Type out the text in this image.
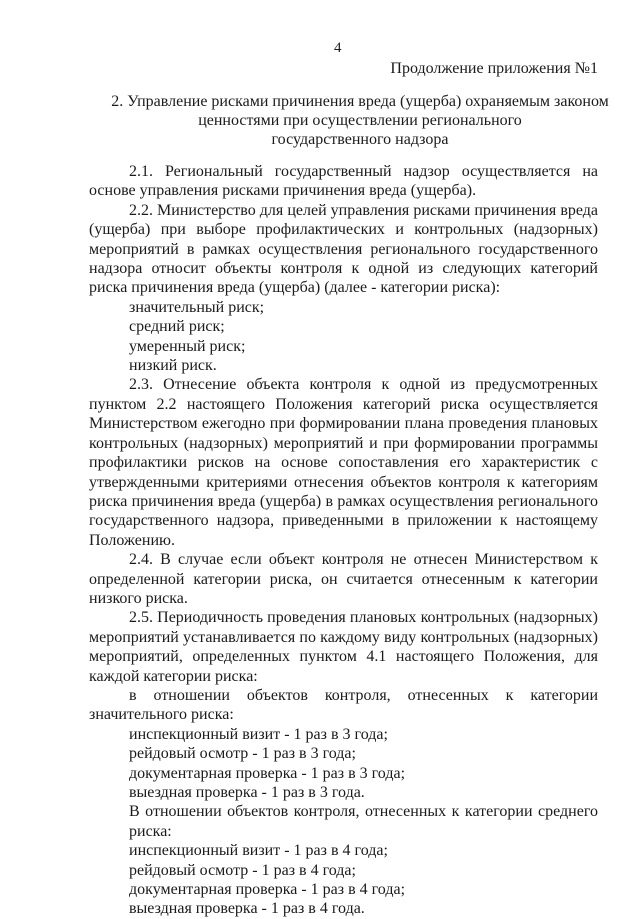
4
Продолжение приложения №1
2. Управление рисками причинения вреда (ущерба) охраняемым законом
ценностями при осуществлении регионального
государственного надзора

2.1. Региональный государственный надзор осуществляется на основе управления рисками причинения вреда (ущерба).

2.2. Министерство для целей управления рисками причинения вреда (ущерба) при выборе профилактических и контрольных (надзорных) мероприятий в рамках осуществления регионального государственного надзора относит объекты контроля к одной из следующих категорий риска причинения вреда (ущерба) (далее - категории риска):

значительный риск;

средний риск;

умеренный риск;

низкий риск.

2.3. Отнесение объекта контроля к одной из предусмотренных пунктом 2.2 настоящего Положения категорий риска осуществляется Министерством ежегодно при формировании плана проведения плановых контрольных (надзорных) мероприятий и при формировании программы профилактики рисков на основе сопоставления его характеристик с утвержденными критериями отнесения объектов контроля к категориям риска причинения вреда (ущерба) в рамках осуществления регионального государственного надзора, приведенными в приложении к настоящему Положению.

2.4. В случае если объект контроля не отнесен Министерством к определенной категории риска, он считается отнесенным к категории низкого риска.

2.5. Периодичность проведения плановых контрольных (надзорных) мероприятий устанавливается по каждому виду контрольных (надзорных) мероприятий, определенных пунктом 4.1 настоящего Положения, для каждой категории риска:

в отношении объектов контроля, отнесенных к категории

значительного риска:

инспекционный визит - 1 раз в 3 года;

рейдовый осмотр - 1 раз в 3 года;

документарная проверка - 1 раз в 3 года;

выездная проверка - 1 раз в 3 года.

В отношении объектов контроля, отнесенных к категории среднего

риска:

инспекционный визит - 1 раз в 4 года;

рейдовый осмотр - 1 раз в 4 года;

документарная проверка - 1 раз в 4 года;

выездная проверка - 1 раз в 4 года.
